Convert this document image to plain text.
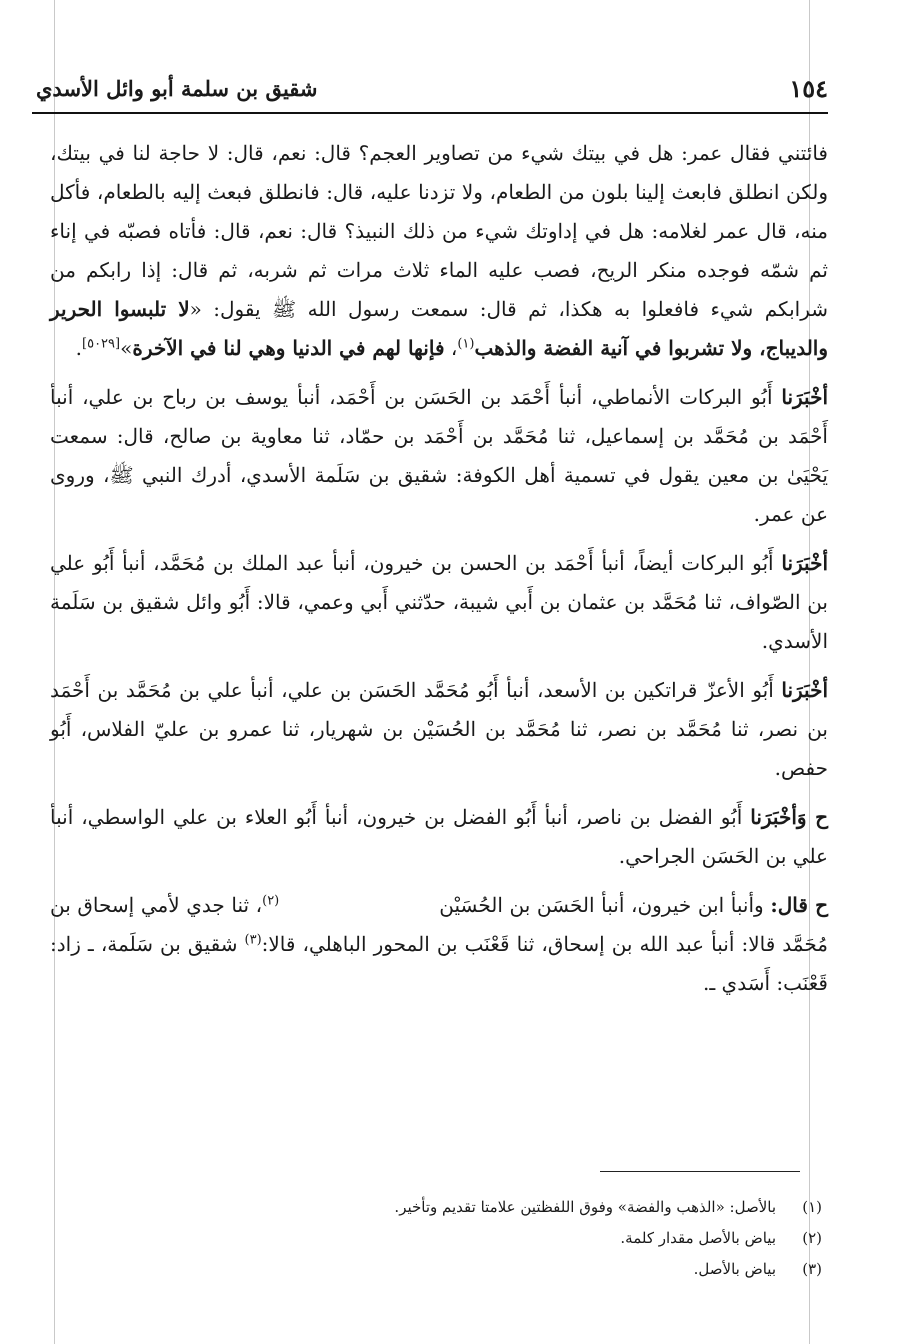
١٥٤
شقيق بن سلمة أبو وائل الأسدي

فائتني فقال عمر: هل في بيتك شيء من تصاوير العجم؟ قال: نعم، قال: لا حاجة لنا في بيتك، ولكن انطلق فابعث إلينا بلون من الطعام، ولا تزدنا عليه، قال: فانطلق فبعث إليه بالطعام، فأكل منه، قال عمر لغلامه: هل في إداوتك شيء من ذلك النبيذ؟ قال: نعم، قال: فأتاه فصبّه في إناء ثم شمّه فوجده منكر الريح، فصب عليه الماء ثلاث مرات ثم شربه، ثم قال: إذا رابكم من شرابكم شيء فافعلوا به هكذا، ثم قال: سمعت رسول الله ﷺ يقول: «لا تلبسوا الحرير والديباج، ولا تشربوا في آنية الفضة والذهب$^{(١)}$، فإنها لهم في الدنيا وهي لنا في الآخرة»[٥٠٢٩].

أخْبَرَنا أَبُو البركات الأنماطي، أنبأ أَحْمَد بن الحَسَن بن أَحْمَد، أنبأ يوسف بن رباح بن علي، أنبأ أَحْمَد بن مُحَمَّد بن إسماعيل، ثنا مُحَمَّد بن أَحْمَد بن حمّاد، ثنا معاوية بن صالح، قال: سمعت يَحْيَىٰ بن معين يقول في تسمية أهل الكوفة: شقيق بن سَلَمة الأسدي، أدرك النبي ﷺ، وروى عن عمر.

أخْبَرَنا أَبُو البركات أيضاً، أنبأ أَحْمَد بن الحسن بن خيرون، أنبأ عبد الملك بن مُحَمَّد، أنبأ أَبُو علي بن الصّواف، ثنا مُحَمَّد بن عثمان بن أَبي شيبة، حدّثني أَبي وعمي، قالا: أَبُو وائل شقيق بن سَلَمة الأسدي.

أخْبَرَنا أَبُو الأعزّ قراتكين بن الأسعد، أنبأ أَبُو مُحَمَّد الحَسَن بن علي، أنبأ علي بن مُحَمَّد بن أَحْمَد بن نصر، ثنا مُحَمَّد بن نصر، ثنا مُحَمَّد بن الحُسَيْن بن شهريار، ثنا عمرو بن عليّ الفلاس، أَبُو حفص.

ح وَأخْبَرَنا أَبُو الفضل بن ناصر، أنبأ أَبُو الفضل بن خيرون، أنبأ أَبُو العلاء بن علي الواسطي، أنبأ علي بن الحَسَن الجراحي.

ح قال: وأنبأ ابن خيرون، أنبأ الحَسَن بن الحُسَيْن$^{(٢)}$، ثنا جدي لأمي إسحاق بن مُحَمَّد قالا: أنبأ عبد الله بن إسحاق، ثنا قَعْنَب بن المحور الباهلي، قالا:$^{(٣)}$ شقيق بن سَلَمة، ـ زاد: قَعْنَب: أَسَدي ـ.

(١)بالأصل: «الذهب والفضة» وفوق اللفظتين علامتا تقديم وتأخير.
(٢)بياض بالأصل مقدار كلمة.
(٣)بياض بالأصل.
